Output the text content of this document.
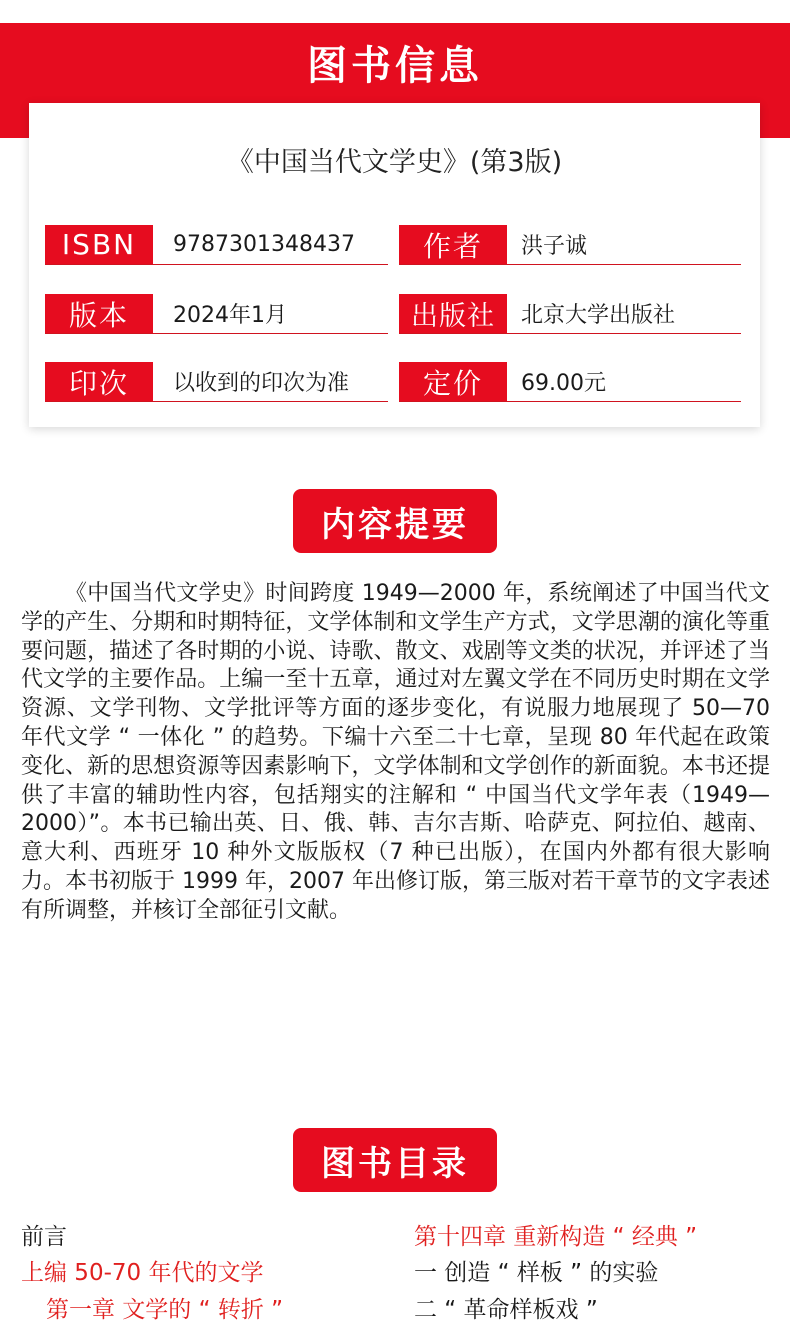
图书信息
《中国当代文学史》(第3版)
ISBN	9787301348437	作者	洪子诚
版本	2024年1月	出版社	北京大学出版社
印次	以收到的印次为准	定价	69.00元
内容提要
《中国当代文学史》时间跨度 1949—2000 年，系统阐述了中国当代文学的产生、分期和时期特征，文学体制和文学生产方式，文学思潮的演化等重要问题，描述了各时期的小说、诗歌、散文、戏剧等文类的状况，并评述了当代文学的主要作品。上编一至十五章，通过对左翼文学在不同历史时期在文学资源、文学刊物、文学批评等方面的逐步变化，有说服力地展现了 50—70 年代文学 “ 一体化 ” 的趋势。下编十六至二十七章，呈现 80 年代起在政策变化、新的思想资源等因素影响下，文学体制和文学创作的新面貌。本书还提供了丰富的辅助性内容，包括翔实的注解和 “ 中国当代文学年表（1949—2000）”。本书已输出英、日、俄、韩、吉尔吉斯、哈萨克、阿拉伯、越南、意大利、西班牙 10 种外文版版权（7 种已出版），在国内外都有很大影响力。本书初版于 1999 年，2007 年出修订版，第三版对若干章节的文字表述有所调整，并核订全部征引文献。
图书目录
前言
上编 50-70 年代的文学
第一章 文学的 “ 转折 ”
第十四章 重新构造 “ 经典 ”
一 创造 “ 样板 ” 的实验
二 “ 革命样板戏 ”
